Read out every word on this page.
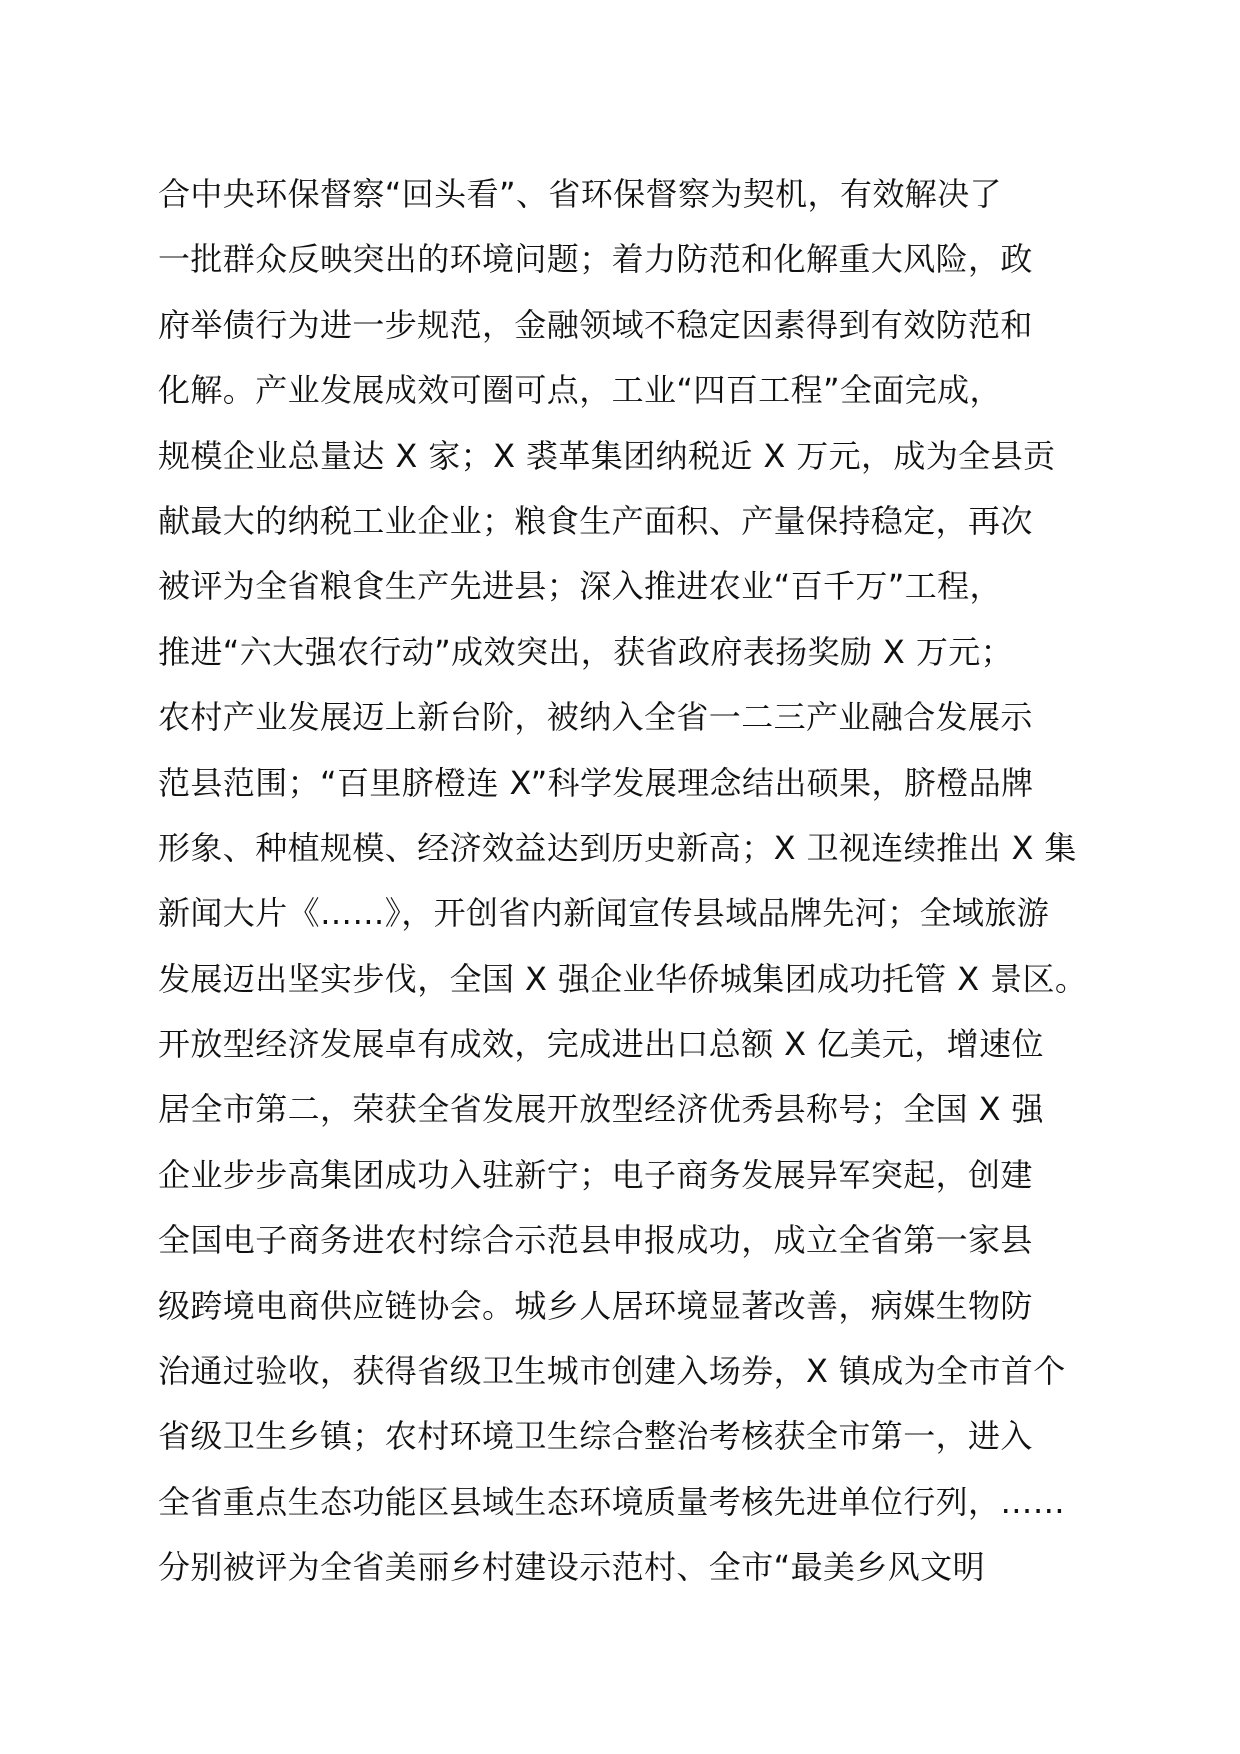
合中央环保督察“回头看”、省环保督察为契机，有效解决了
一批群众反映突出的环境问题；着力防范和化解重大风险，政
府举债行为进一步规范，金融领域不稳定因素得到有效防范和
化解。产业发展成效可圈可点，工业“四百工程”全面完成，
规模企业总量达 X 家；X 裘革集团纳税近 X 万元，成为全县贡
献最大的纳税工业企业；粮食生产面积、产量保持稳定，再次
被评为全省粮食生产先进县；深入推进农业“百千万”工程，
推进“六大强农行动”成效突出，获省政府表扬奖励 X 万元；
农村产业发展迈上新台阶，被纳入全省一二三产业融合发展示
范县范围；“百里脐橙连 X”科学发展理念结出硕果，脐橙品牌
形象、种植规模、经济效益达到历史新高；X 卫视连续推出 X 集
新闻大片《……》，开创省内新闻宣传县域品牌先河；全域旅游
发展迈出坚实步伐，全国 X 强企业华侨城集团成功托管 X 景区。
开放型经济发展卓有成效，完成进出口总额 X 亿美元，增速位
居全市第二，荣获全省发展开放型经济优秀县称号；全国 X 强
企业步步高集团成功入驻新宁；电子商务发展异军突起，创建
全国电子商务进农村综合示范县申报成功，成立全省第一家县
级跨境电商供应链协会。城乡人居环境显著改善，病媒生物防
治通过验收，获得省级卫生城市创建入场券，X 镇成为全市首个
省级卫生乡镇；农村环境卫生综合整治考核获全市第一，进入
全省重点生态功能区县域生态环境质量考核先进单位行列，……
分别被评为全省美丽乡村建设示范村、全市“最美乡风文明
